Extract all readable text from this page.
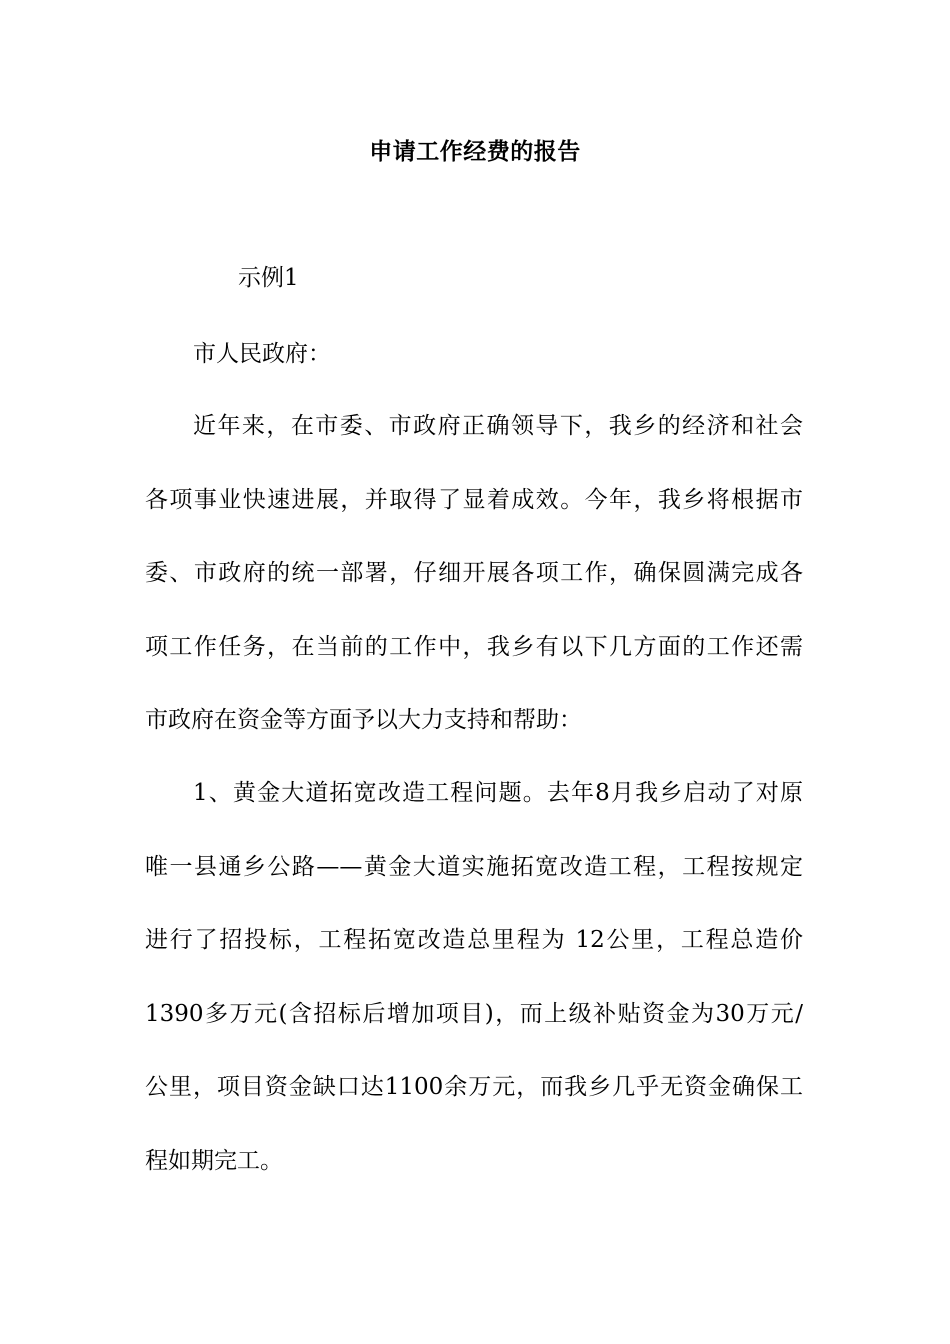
申请工作经费的报告
示例1
市人民政府：
近年来，在市委、市政府正确领导下，我乡的经济和社会
各项事业快速进展，并取得了显着成效。今年，我乡将根据市
委、市政府的统一部署，仔细开展各项工作，确保圆满完成各
项工作任务，在当前的工作中，我乡有以下几方面的工作还需
市政府在资金等方面予以大力支持和帮助：
1、黄金大道拓宽改造工程问题。去年8月我乡启动了对原
唯一县通乡公路——黄金大道实施拓宽改造工程，工程按规定
进行了招投标，工程拓宽改造总里程为 12公里，工程总造价
1390多万元(含招标后增加项目)，而上级补贴资金为30万元/
公里，项目资金缺口达1100余万元，而我乡几乎无资金确保工
程如期完工。
